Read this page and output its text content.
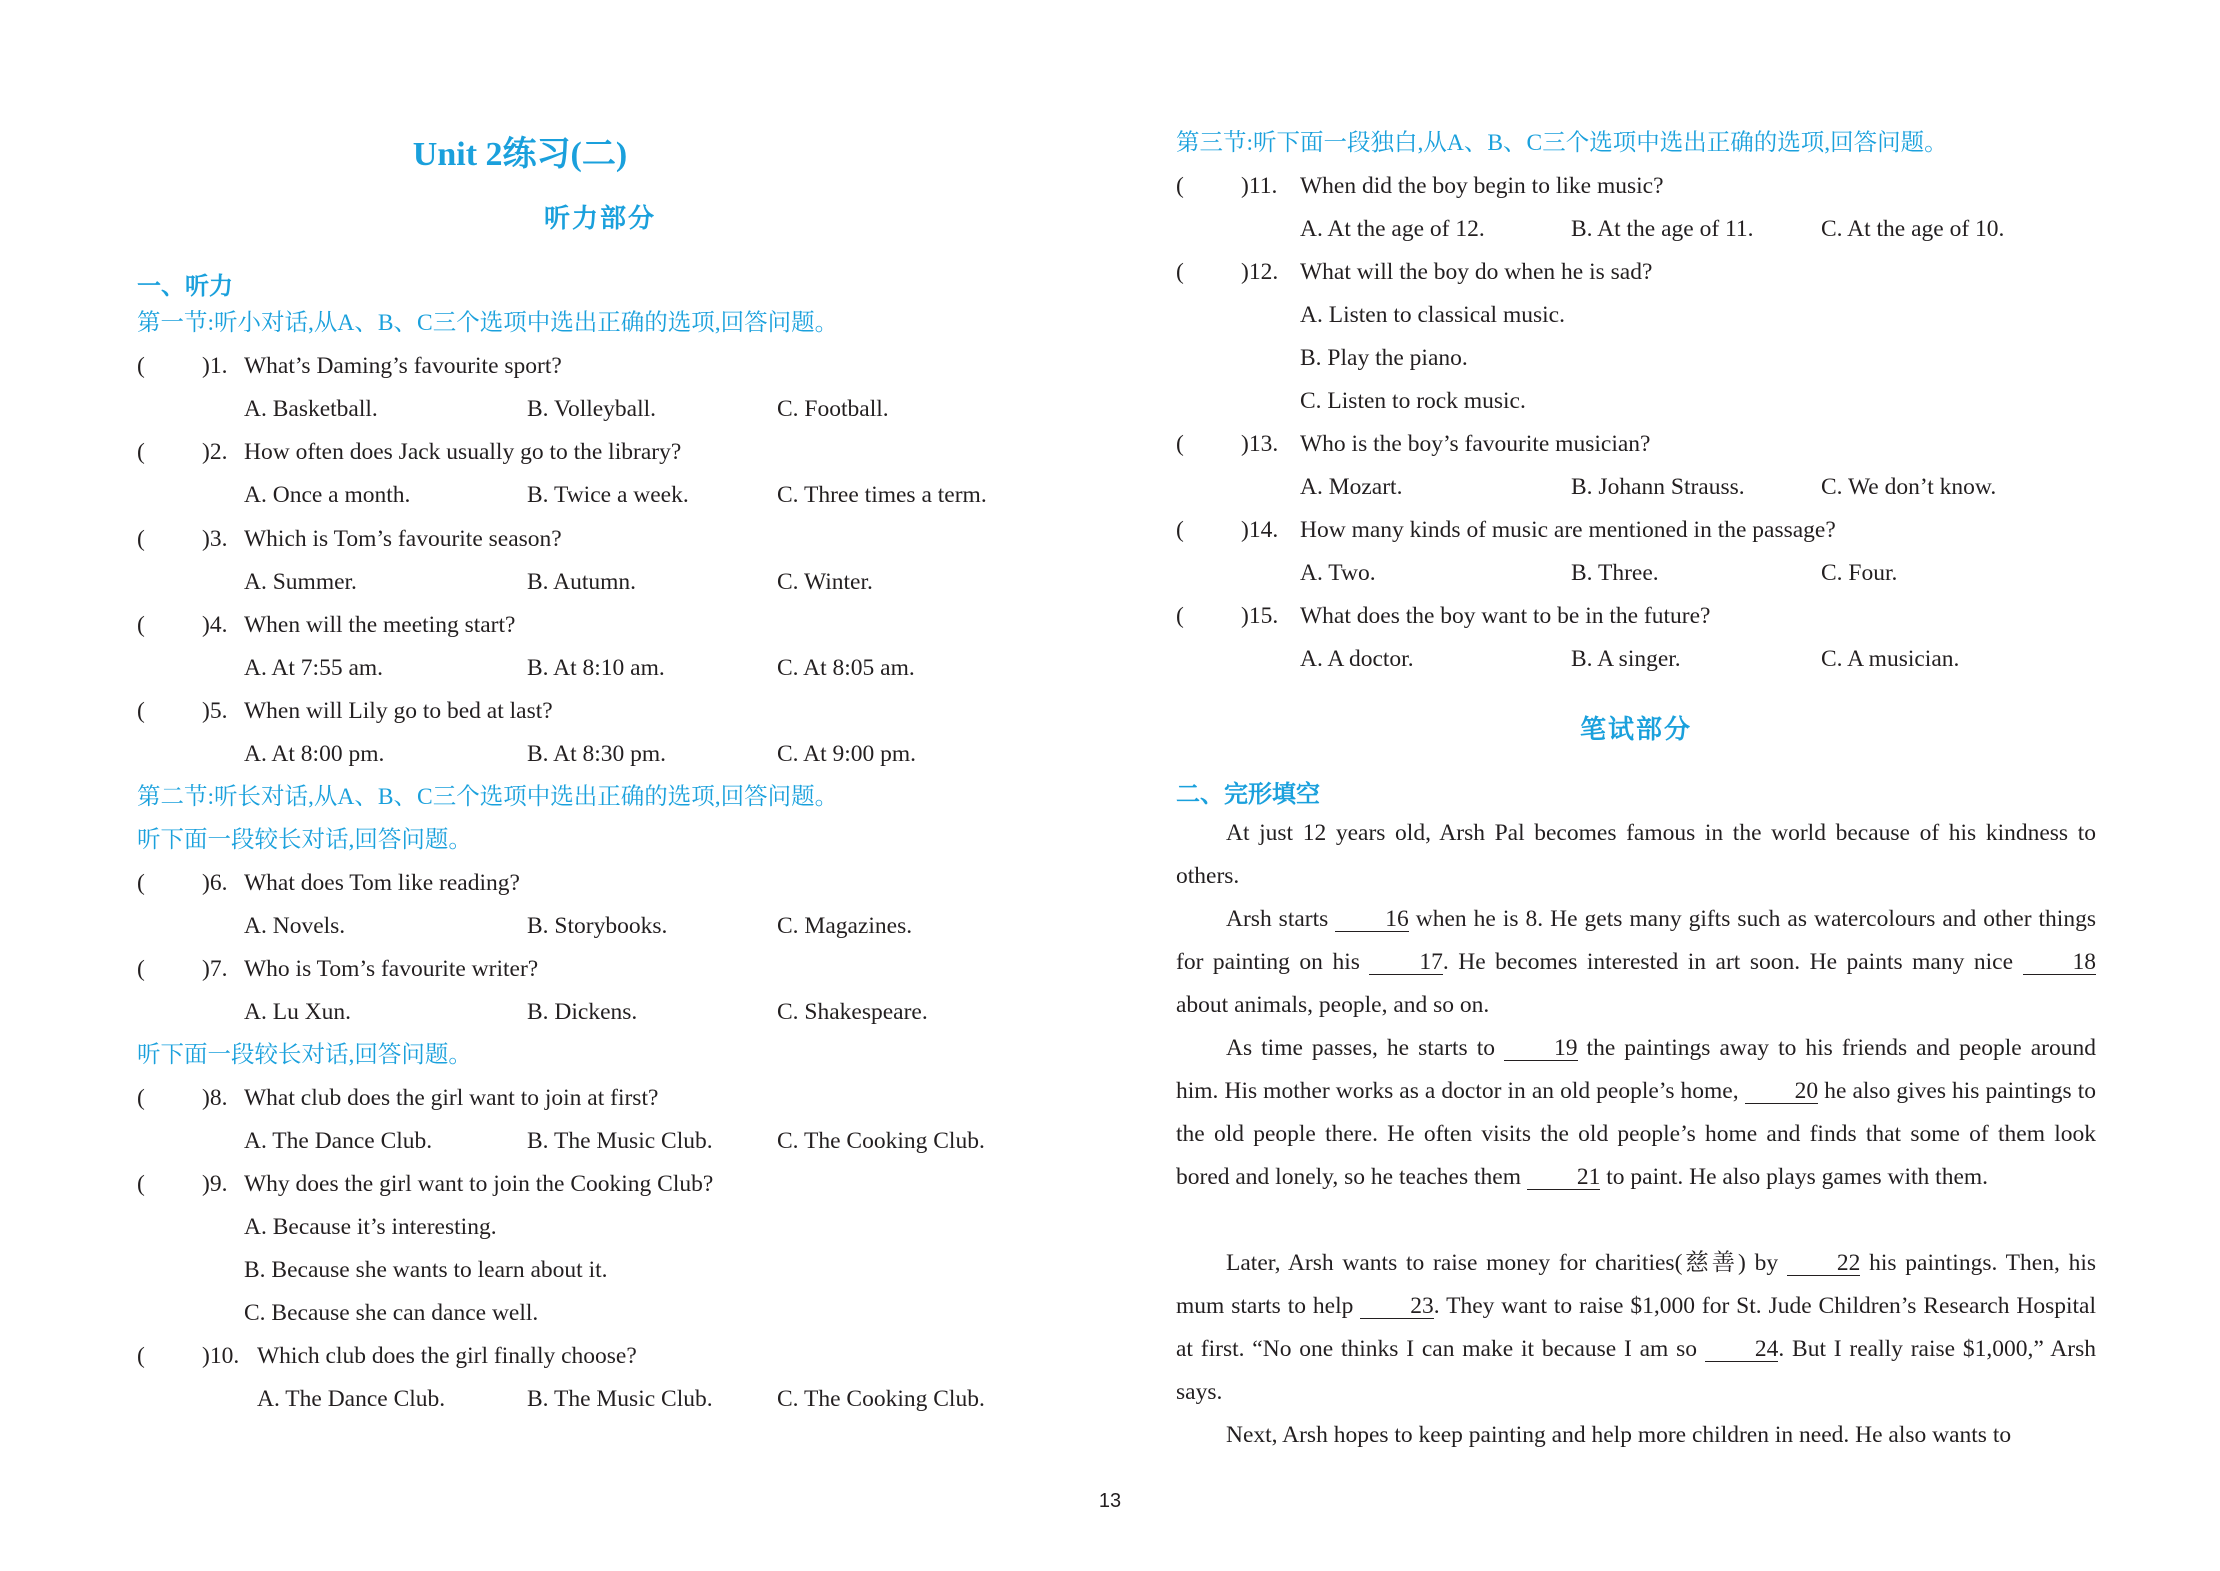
Unit 2练习(二)
听力部分
一、听力
第一节:听小对话,从A、B、C三个选项中选出正确的选项,回答问题。
第二节:听长对话,从A、B、C三个选项中选出正确的选项,回答问题。
听下面一段较长对话,回答问题。
听下面一段较长对话,回答问题。
第三节:听下面一段独白,从A、B、C三个选项中选出正确的选项,回答问题。
笔试部分
二、完形填空
At just 12 years old, Arsh Pal becomes famous in the world because of his kindness to others.
Arsh starts 16 when he is 8. He gets many gifts such as watercolours and other things for painting on his 17. He becomes interested in art soon. He paints many nice 18 about animals, people, and so on.
As time passes, he starts to 19 the paintings away to his friends and people around him. His mother works as a doctor in an old people’s home, 20 he also gives his paintings to the old people there. He often visits the old people’s home and finds that some of them look bored and lonely, so he teaches them 21 to paint. He also plays games with them.
Later, Arsh wants to raise money for charities(慈善) by 22 his paintings. Then, his mum starts to help 23. They want to raise $1,000 for St. Jude Children’s Research Hospital at first. “No one thinks I can make it because I am so 24. But I really raise $1,000,” Arsh says.
Next, Arsh hopes to keep painting and help more children in need. He also wants to
13
( )1. What’s Daming’s favourite sport?
A. Basketball.	B. Volleyball.	C. Football.
( )2. How often does Jack usually go to the library?
A. Once a month.	B. Twice a week.	C. Three times a term.
( )3. Which is Tom’s favourite season?
A. Summer.	B. Autumn.	C. Winter.
( )4. When will the meeting start?
A. At 7:55 am.	B. At 8:10 am.	C. At 8:05 am.
( )5. When will Lily go to bed at last?
A. At 8:00 pm.	B. At 8:30 pm.	C. At 9:00 pm.
( )6. What does Tom like reading?
A. Novels.	B. Storybooks.	C. Magazines.
( )7. Who is Tom’s favourite writer?
A. Lu Xun.	B. Dickens.	C. Shakespeare.
( )8. What club does the girl want to join at first?
A. The Dance Club.	B. The Music Club.	C. The Cooking Club.
( )9. Why does the girl want to join the Cooking Club?
A. Because it’s interesting.
B. Because she wants to learn about it.
C. Because she can dance well.
( )10. Which club does the girl finally choose?
A. The Dance Club.	B. The Music Club.	C. The Cooking Club.
( )11. When did the boy begin to like music?
A. At the age of 12.	B. At the age of 11.	C. At the age of 10.
( )12. What will the boy do when he is sad?
A. Listen to classical music.
B. Play the piano.
C. Listen to rock music.
( )13. Who is the boy’s favourite musician?
A. Mozart.	B. Johann Strauss.	C. We don’t know.
( )14. How many kinds of music are mentioned in the passage?
A. Two.	B. Three.	C. Four.
( )15. What does the boy want to be in the future?
A. A doctor.	B. A singer.	C. A musician.
